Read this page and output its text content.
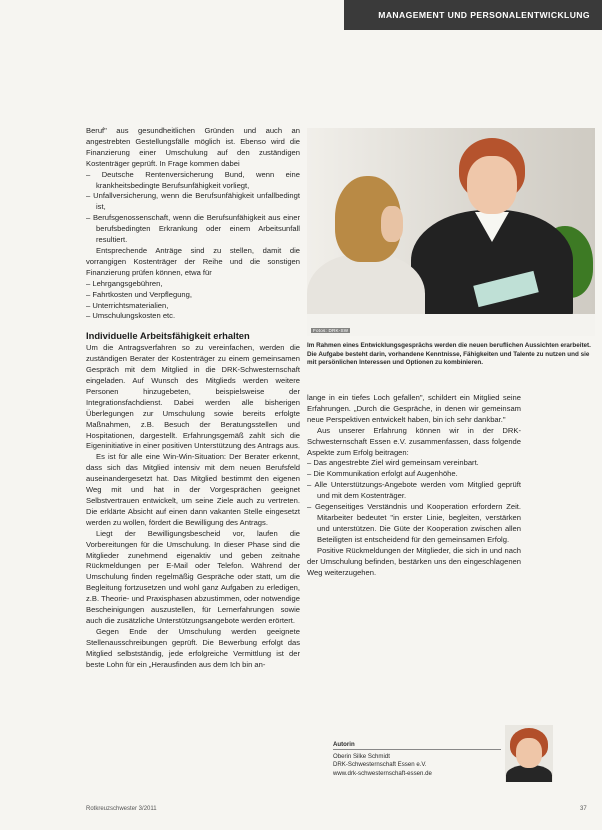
MANAGEMENT UND PERSONALENTWICKLUNG

Beruf" aus gesundheitlichen Gründen und auch an angestrebten Gestellungsfälle möglich ist. Ebenso wird die Finanzierung einer Umschulung auf den zuständigen Kostenträger geprüft. In Frage kommen dabei

– Deutsche Rentenversicherung Bund, wenn eine krankheitsbedingte Berufsunfähigkeit vorliegt,
– Unfallversicherung, wenn die Berufsunfähigkeit unfallbedingt ist,
– Berufsgenossenschaft, wenn die Berufsunfähigkeit aus einer berufsbedingten Erkrankung oder einem Arbeitsunfall resultiert.

Entsprechende Anträge sind zu stellen, damit die vorrangigen Kostenträger der Reihe und die sonstigen Finanzierung prüfen können, etwa für

– Lehrgangsgebühren,
– Fahrtkosten und Verpflegung,
– Unterrichtsmaterialien,
– Umschulungskosten etc.
Individuelle Arbeitsfähigkeit erhalten

Um die Antragsverfahren so zu vereinfachen, werden die zuständigen Berater der Kostenträger zu einem gemeinsamen Gespräch mit dem Mitglied in die DRK-Schwesternschaft eingeladen. Auf Wunsch des Mitglieds werden weitere Personen hinzugebeten, beispielsweise der Integrationsfachdienst. Dabei werden alle bisherigen Überlegungen zur Umschulung sowie bereits erfolgte Maßnahmen, z.B. Besuch der Beratungsstellen und Hospitationen, dargestellt. Erfahrungsgemäß zahlt sich die Eigeninitiative in einer positiven Unterstützung des Antrags aus.

Es ist für alle eine Win-Win-Situation: Der Berater erkennt, dass sich das Mitglied intensiv mit dem neuen Berufsfeld auseinandergesetzt hat. Das Mitglied bestimmt den eigenen Weg mit und hat in der Vorgesprächen geeignet Selbstvertrauen entwickelt, um seine Ziele auch zu vertreten. Die erklärte Absicht auf einen dann vakanten Stelle eingesetzt werden zu wollen, fördert die Bewilligung des Antrags.

Liegt der Bewilligungsbescheid vor, laufen die Vorbereitungen für die Umschulung. In dieser Phase sind die Mitglieder zunehmend eigenaktiv und geben zeitnahe Rückmeldungen per E-Mail oder Telefon. Während der Umschulung finden regelmäßig Gespräche oder statt, um die Begleitung fortzusetzen und wohl ganz Aufgaben zu erledigen, z.B. Theorie- und Praxisphasen abzustimmen, oder notwendige Bescheinigungen auszustellen, für Lernerfahrungen sowie auch die zusätzliche Unterstützungsangebote werden erörtert.

Gegen Ende der Umschulung werden geeignete Stellenausschreibungen geprüft. Die Bewerbung erfolgt das Mitglied selbstständig, jede erfolgreiche Vermittlung ist der beste Lohn für ein „Herausfinden aus dem Ich bin an-

Fotos: DRK-SW

Im Rahmen eines Entwicklungsgesprächs werden die neuen beruflichen Aussichten erarbeitet. Die Aufgabe besteht darin, vorhandene Kenntnisse, Fähigkeiten und Talente zu nutzen und sie mit persönlichen Interessen und Optionen zu kombinieren.

lange in ein tiefes Loch gefallen", schildert ein Mitglied seine Erfahrungen. „Durch die Gespräche, in denen wir gemeinsam neue Perspektiven entwickelt haben, bin ich sehr dankbar."

Aus unserer Erfahrung können wir in der DRK-Schwesternschaft Essen e.V. zusammenfassen, dass folgende Aspekte zum Erfolg beitragen:

– Das angestrebte Ziel wird gemeinsam vereinbart.
– Die Kommunikation erfolgt auf Augenhöhe.
– Alle Unterstützungs-Angebote werden vom Mitglied geprüft und mit dem Kostenträger.
– Gegenseitiges Verständnis und Kooperation erfordern Zeit. Mitarbeiter bedeutet "in erster Linie, begleiten, verstärken und unterstützen. Die Güte der Kooperation zwischen allen Beteiligten ist entscheidend für den gemeinsamen Erfolg.

Positive Rückmeldungen der Mitglieder, die sich in und nach der Umschulung befinden, bestärken uns den eingeschlagenen Weg weiterzugehen.

Autorin
Oberin Silke Schmidt
DRK-Schwesternschaft Essen e.V.
www.drk-schwesternschaft-essen.de
Rotkreuzschwester 3/2011	37
